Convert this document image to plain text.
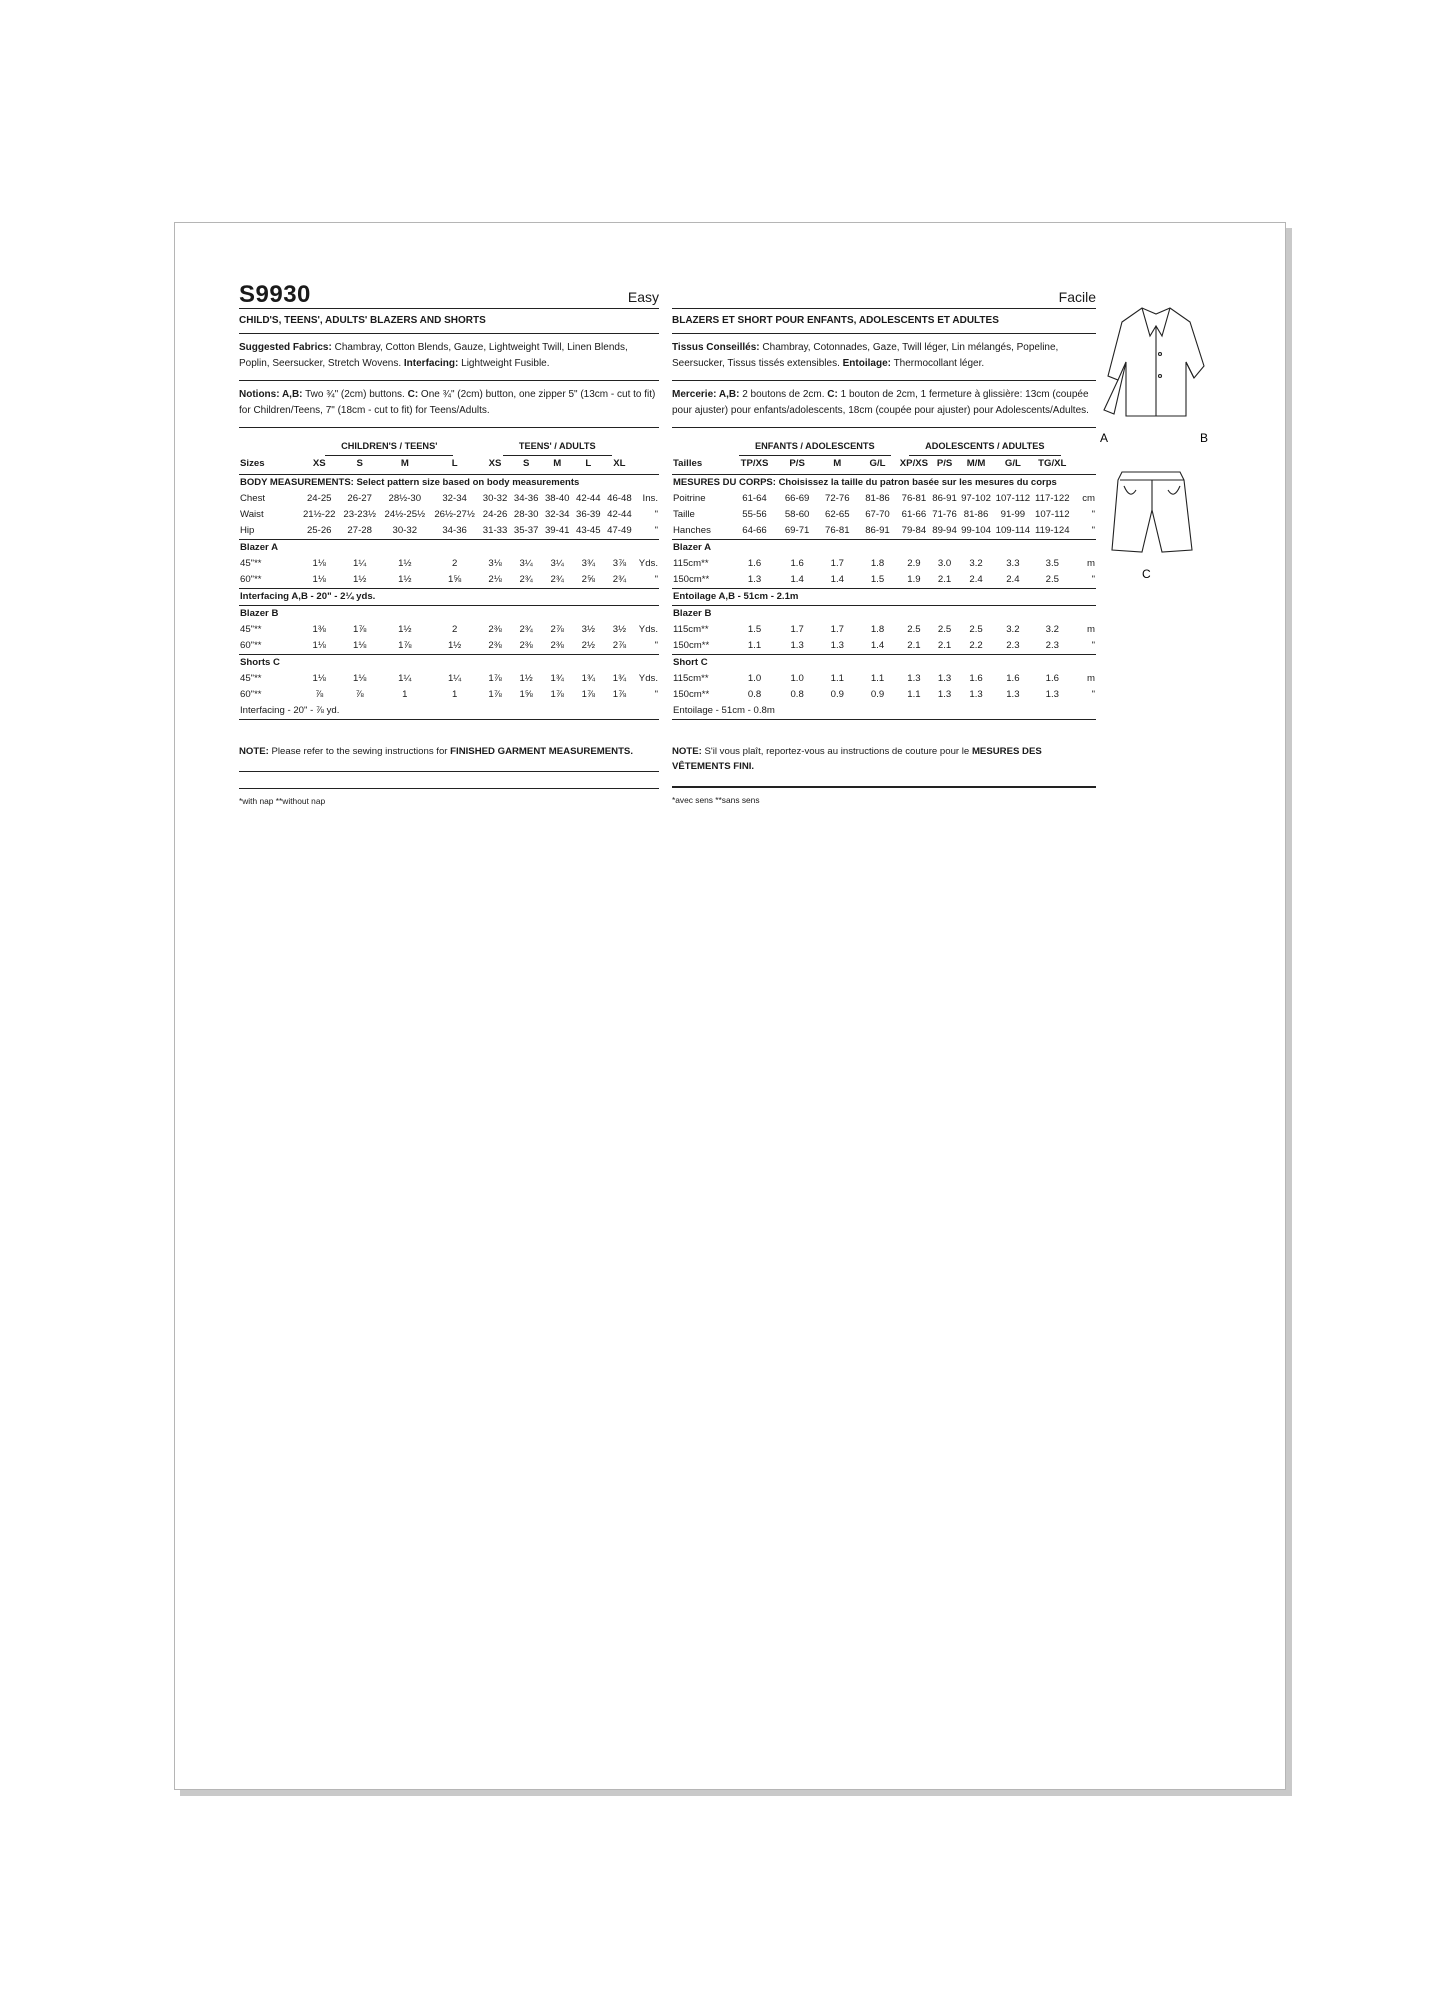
S9930	Easy
CHILD'S, TEENS', ADULTS' BLAZERS AND SHORTS
Suggested Fabrics: Chambray, Cotton Blends, Gauze, Lightweight Twill, Linen Blends, Poplin, Seersucker, Stretch Wovens. Interfacing: Lightweight Fusible.
Notions: A,B: Two ¾" (2cm) buttons. C: One ¾" (2cm) button, one zipper 5" (13cm - cut to fit) for Children/Teens, 7" (18cm - cut to fit) for Teens/Adults.
	CHILDREN'S / TEENS'				TEENS' / ADULTS					
Sizes	XS	S	M	L	XS	S	M	L	XL	
BODY MEASUREMENTS: Select pattern size based on body measurements										
Chest	24-25	26-27	28½-30	32-34	30-32	34-36	38-40	42-44	46-48	Ins.
Waist	21½-22	23-23½	24½-25½	26½-27½	24-26	28-30	32-34	36-39	42-44	"
Hip	25-26	27-28	30-32	34-36	31-33	35-37	39-41	43-45	47-49	"
Blazer A										
45"**	1⅛	1¼	1½	2	3⅛	3¼	3¼	3¾	3⅞	Yds.
60"**	1⅛	1½	1½	1⅝	2⅛	2¾	2¾	2⅝	2¾	"
Interfacing A,B - 20" - 2¼ yds.										
Blazer B										
45"**	1⅜	1⅞	1½	2	2⅜	2¾	2⅞	3½	3½	Yds.
60"**	1⅛	1⅛	1⅞	1½	2⅜	2⅜	2⅜	2½	2⅞	"
Shorts C										
45"**	1⅛	1⅛	1¼	1¼	1⅞	1½	1¾	1¾	1¾	Yds.
60"**	⅞	⅞	1	1	1⅞	1⅝	1⅞	1⅞	1⅞	"
Interfacing - 20" - ⅞ yd.										

NOTE: Please refer to the sewing instructions for FINISHED GARMENT MEASUREMENTS.
*with nap **without nap
Facile
BLAZERS ET SHORT POUR ENFANTS, ADOLESCENTS ET ADULTES
Tissus Conseillés: Chambray, Cotonnades, Gaze, Twill léger, Lin mélangés, Popeline, Seersucker, Tissus tissés extensibles. Entoilage: Thermocollant léger.
Mercerie: A,B: 2 boutons de 2cm. C: 1 bouton de 2cm, 1 fermeture à glissière: 13cm (coupée pour ajuster) pour enfants/adolescents, 18cm (coupée pour ajuster) pour Adolescents/Adultes.
	ENFANTS / ADOLESCENTS				ADOLESCENTS / ADULTES					
Tailles	TP/XS	P/S	M	G/L	XP/XS	P/S	M/M	G/L	TG/XL	
MESURES DU CORPS: Choisissez la taille du patron basée sur les mesures du corps										
Poitrine	61-64	66-69	72-76	81-86	76-81	86-91	97-102	107-112	117-122	cm
Taille	55-56	58-60	62-65	67-70	61-66	71-76	81-86	91-99	107-112	"
Hanches	64-66	69-71	76-81	86-91	79-84	89-94	99-104	109-114	119-124	"
Blazer A										
115cm**	1.6	1.6	1.7	1.8	2.9	3.0	3.2	3.3	3.5	m
150cm**	1.3	1.4	1.4	1.5	1.9	2.1	2.4	2.4	2.5	"
Entoilage A,B - 51cm - 2.1m										
Blazer B										
115cm**	1.5	1.7	1.7	1.8	2.5	2.5	2.5	3.2	3.2	m
150cm**	1.1	1.3	1.3	1.4	2.1	2.1	2.2	2.3	2.3	"
Short C										
115cm**	1.0	1.0	1.1	1.1	1.3	1.3	1.6	1.6	1.6	m
150cm**	0.8	0.8	0.9	0.9	1.1	1.3	1.3	1.3	1.3	"
Entoilage - 51cm - 0.8m										

NOTE: S'il vous plaît, reportez-vous au instructions de couture pour le MESURES DES VÊTEMENTS FINI.
*avec sens **sans sens
A	B
C
